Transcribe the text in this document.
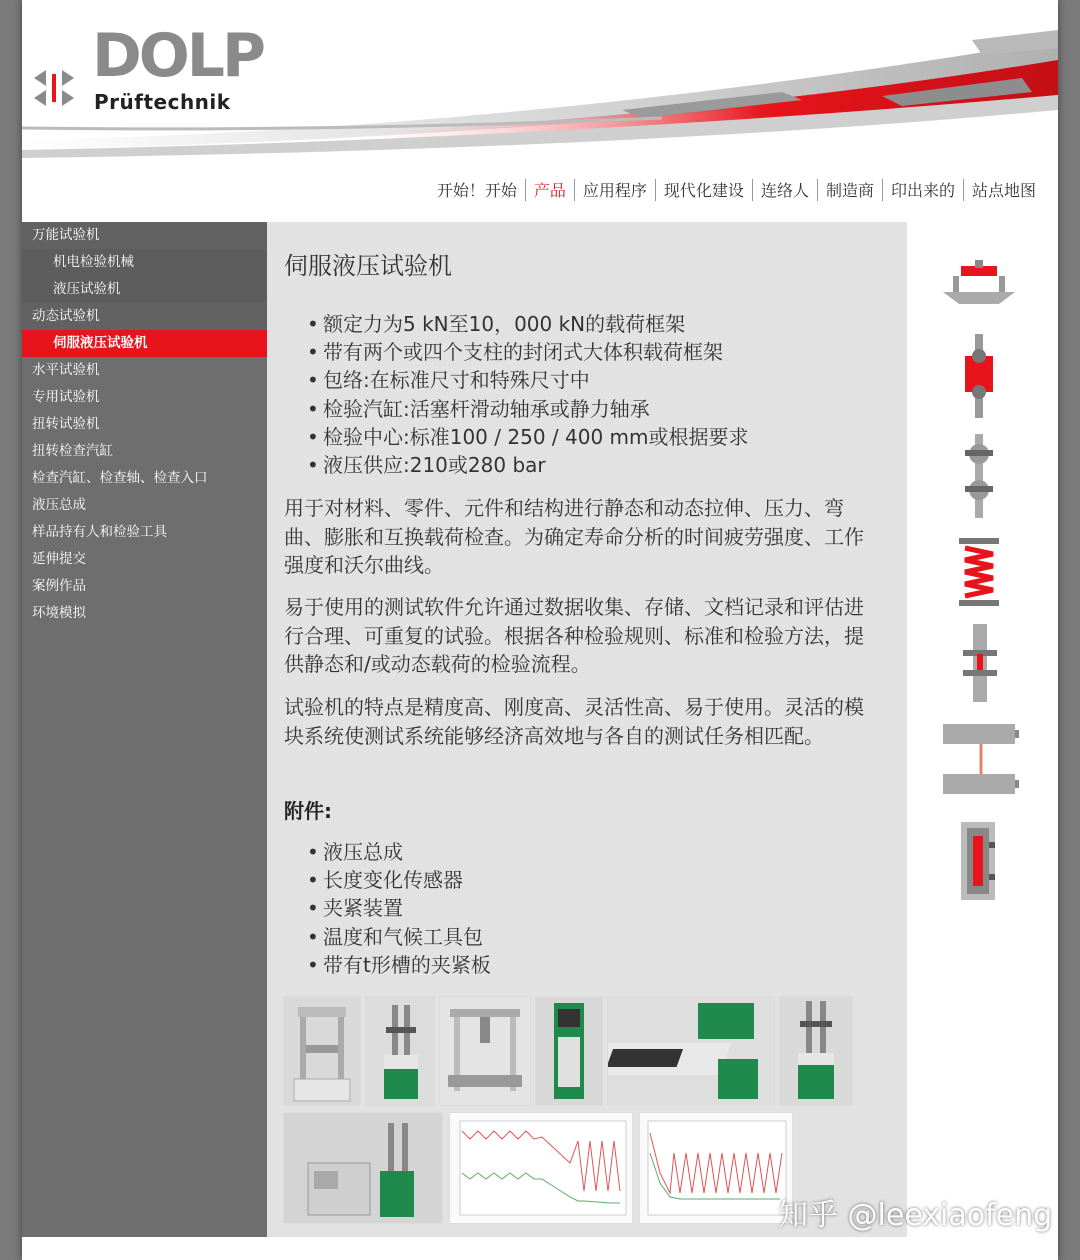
DOLP
Prüftechnik
开始！开始	产品	应用程序	现代化建设	连络人	制造商	印出来的	站点地图
万能试验机
机电检验机械
液压试验机
动态试验机
伺服液压试验机
水平试验机
专用试验机
扭转试验机
扭转检查汽缸
检查汽缸、检查轴、检查入口
液压总成
样品持有人和检验工具
延伸提交
案例作品
环境模拟
伺服液压试验机
• 额定力为5 kN至10，000 kN的载荷框架
• 带有两个或四个支柱的封闭式大体积载荷框架
• 包络:在标准尺寸和特殊尺寸中
• 检验汽缸:活塞杆滑动轴承或静力轴承
• 检验中心:标准100 / 250 / 400 mm或根据要求
• 液压供应:210或280 bar

用于对材料、零件、元件和结构进行静态和动态拉伸、压力、弯曲、膨胀和互换载荷检查。为确定寿命分析的时间疲劳强度、工作强度和沃尔曲线。

易于使用的测试软件允许通过数据收集、存储、文档记录和评估进行合理、可重复的试验。根据各种检验规则、标准和检验方法，提供静态和/或动态载荷的检验流程。

试验机的特点是精度高、刚度高、灵活性高、易于使用。灵活的模块系统使测试系统能够经济高效地与各自的测试任务相匹配。

附件:

• 液压总成
• 长度变化传感器
• 夹紧装置
• 温度和气候工具包
• 带有t形槽的夹紧板
知乎 @leexiaofeng
